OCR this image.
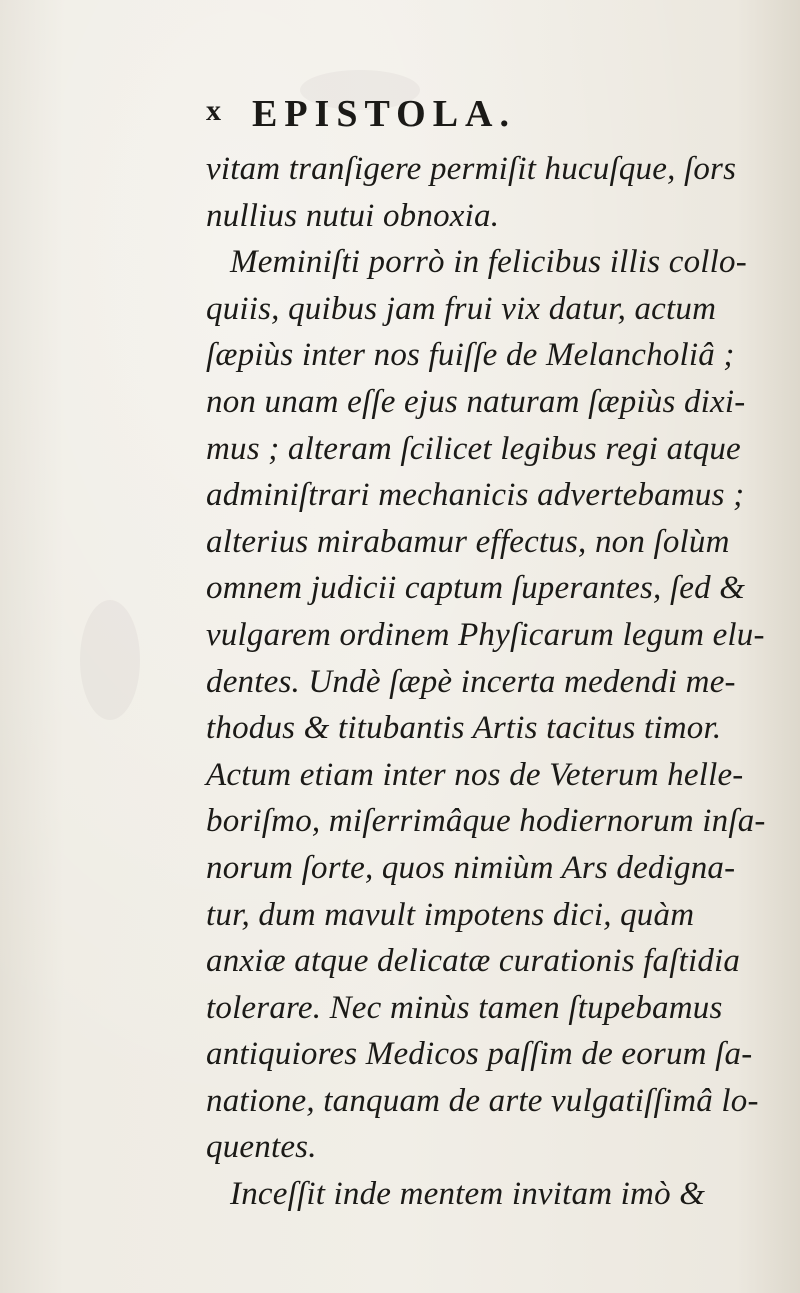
x EPISTOLA.
vitam tranſigere permiſit hucuſque, ſors
nullius nutui obnoxia.
Meminiſti porrò in felicibus illis collo-
quiis, quibus jam frui vix datur, actum
ſæpiùs inter nos fuiſſe de Melancholiâ ;
non unam eſſe ejus naturam ſæpiùs dixi-
mus ; alteram ſcilicet legibus regi atque
adminiſtrari mechanicis advertebamus ;
alterius mirabamur effectus, non ſolùm
omnem judicii captum ſuperantes, ſed &
vulgarem ordinem Phyſicarum legum elu-
dentes. Undè ſæpè incerta medendi me-
thodus & titubantis Artis tacitus timor.
Actum etiam inter nos de Veterum helle-
boriſmo, miſerrimâque hodiernorum inſa-
norum ſorte, quos nimiùm Ars dedigna-
tur, dum mavult impotens dici, quàm
anxiæ atque delicatæ curationis faſtidia
tolerare. Nec minùs tamen ſtupebamus
antiquiores Medicos paſſim de eorum ſa-
natione, tanquam de arte vulgatiſſimâ lo-
quentes.
Inceſſit inde mentem invitam imò &
